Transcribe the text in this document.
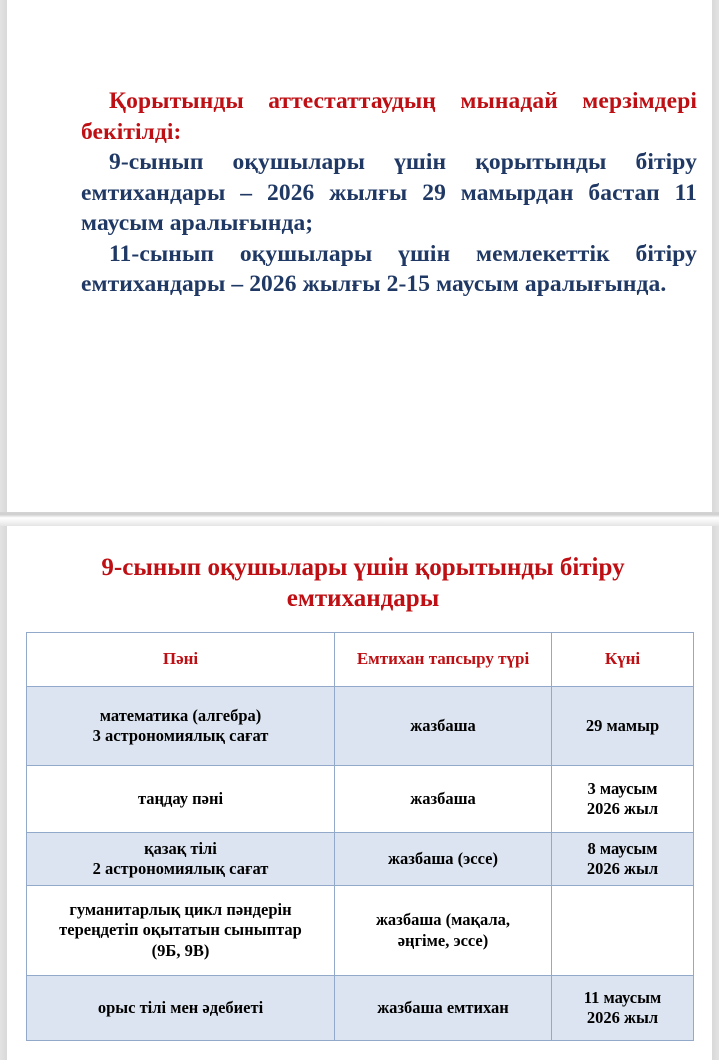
Қорытынды аттестаттаудың мынадай мерзімдері бекітілді:

9-сынып оқушылары үшін қорытынды бітіру емтихандары – 2026 жылғы 29 мамырдан бастап 11 маусым аралығында;

11-сынып оқушылары үшін мемлекеттік бітіру емтихандары – 2026 жылғы 2-15 маусым аралығында.

9-сынып оқушылары үшін қорытынды бітіру емтихандары
Пәні	Емтихан тапсыру түрі	Күні

математика (алгебра)
3 астрономиялық сағат	жазбаша	29 мамыр

таңдау пәні	жазбаша	3 маусым
2026 жыл

қазақ тілі
2 астрономиялық сағат	жазбаша (эссе)	8 маусым
2026 жыл

гуманитарлық цикл пәндерін
тереңдетіп оқытатын сыныптар
(9Б, 9В)	жазбаша (мақала,
әңгіме, эссе)	

орыс тілі мен әдебиеті	жазбаша емтихан	11 маусым
2026 жыл
